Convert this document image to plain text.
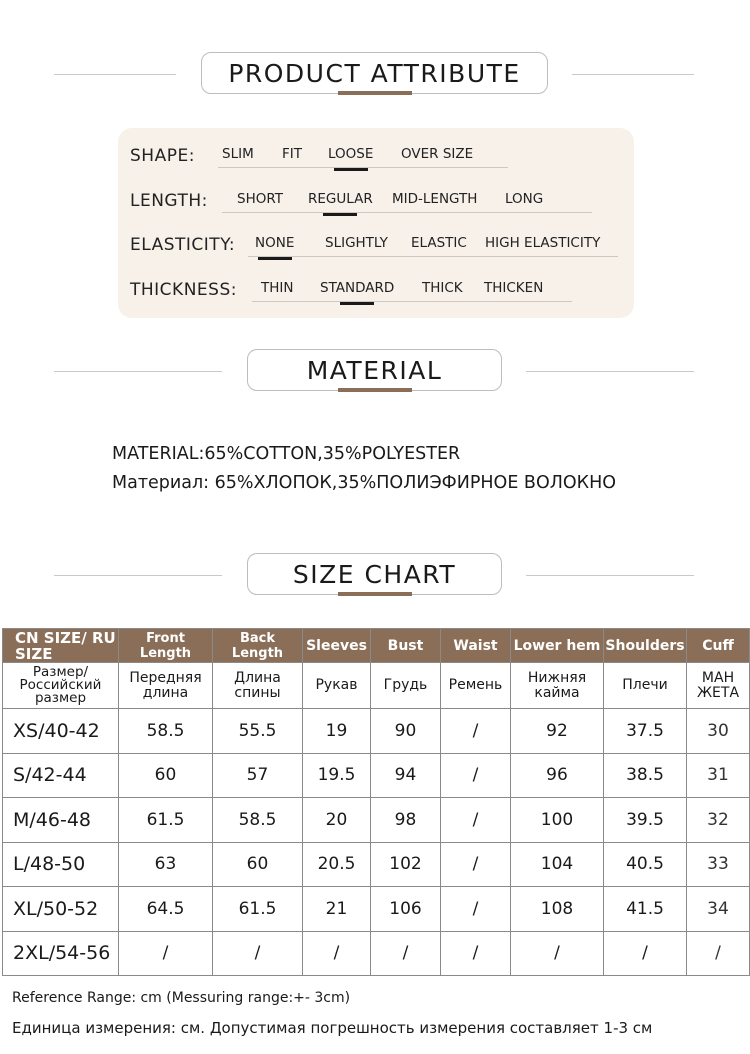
PRODUCT ATTRIBUTE
SHAPE: SLIM FIT LOOSE OVER SIZE
LENGTH: SHORT REGULAR MID-LENGTH LONG
ELASTICITY: NONE SLIGHTLY ELASTIC HIGH ELASTICITY
THICKNESS: THIN STANDARD THICK THICKEN
MATERIAL
MATERIAL:65%COTTON,35%POLYESTER
Материал: 65%ХЛОПОК,35%ПОЛИЭФИРНОЕ ВОЛОКНО
SIZE CHART
CN SIZE/ RU SIZE	Front Length	Back Length	Sleeves	Bust	Waist	Lower hem	Shoulders	Cuff
Размер/ Российский размер	Передняя длина	Длина спины	Рукав	Грудь	Ремень	Нижняя кайма	Плечи	МАН ЖЕТА
XS/40-42	58.5	55.5	19	90	/	92	37.5	30
S/42-44	60	57	19.5	94	/	96	38.5	31
M/46-48	61.5	58.5	20	98	/	100	39.5	32
L/48-50	63	60	20.5	102	/	104	40.5	33
XL/50-52	64.5	61.5	21	106	/	108	41.5	34
2XL/54-56	/	/	/	/	/	/	/	/
Reference Range: cm (Messuring range:+- 3cm)
Единица измерения: см. Допустимая погрешность измерения составляет 1-3 см
